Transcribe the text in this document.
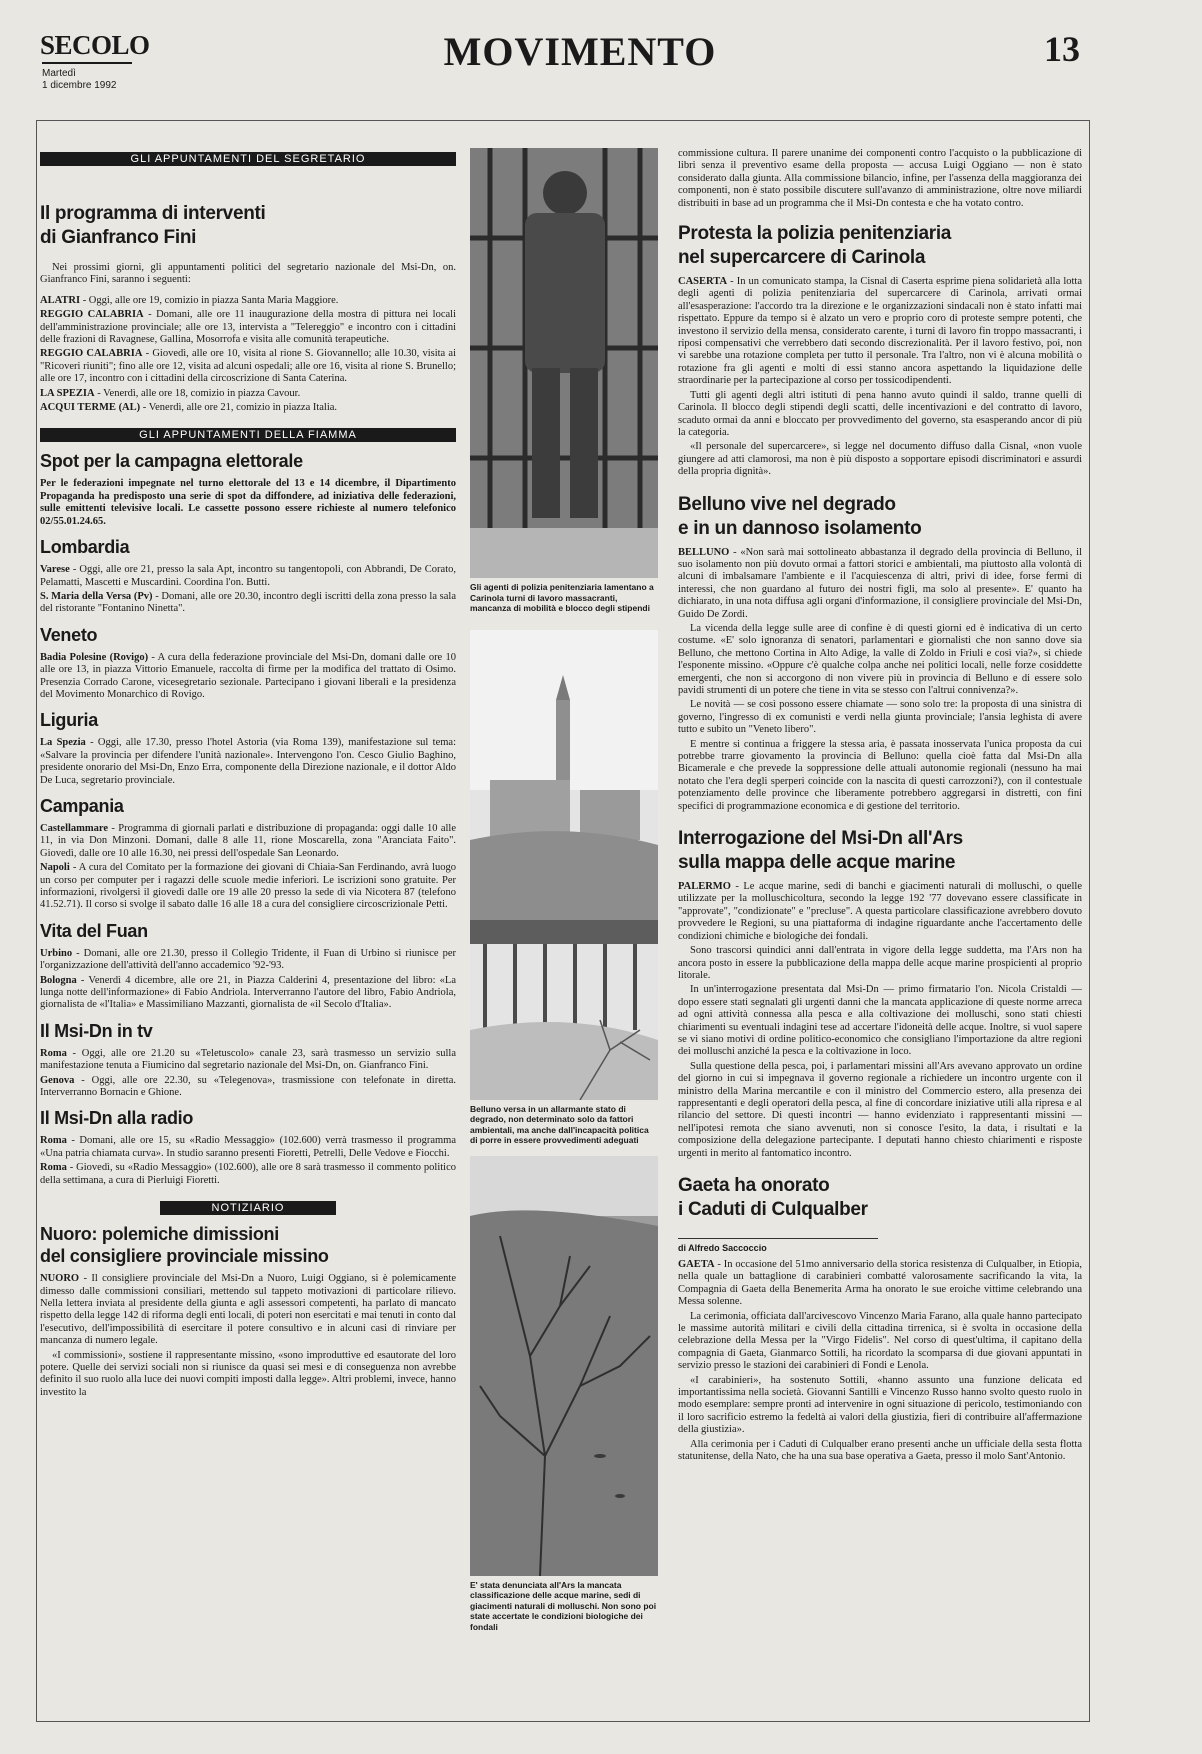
SECOLO
Martedì
1 dicembre 1992
MOVIMENTO	13
GLI APPUNTAMENTI DEL SEGRETARIO
Il programma di interventi
di Gianfranco Fini

Nei prossimi giorni, gli appuntamenti politici del segretario nazionale del Msi-Dn, on. Gianfranco Fini, saranno i seguenti:

ALATRI - Oggi, alle ore 19, comizio in piazza Santa Maria Maggiore.

REGGIO CALABRIA - Domani, alle ore 11 inaugurazione della mostra di pittura nei locali dell'amministrazione provinciale; alle ore 13, intervista a "Telereggio" e incontro con i cittadini delle frazioni di Ravagnese, Gallina, Mosorrofa e visita alle comunità terapeutiche.

REGGIO CALABRIA - Giovedì, alle ore 10, visita al rione S. Giovannello; alle 10.30, visita ai "Ricoveri riuniti"; fino alle ore 12, visita ad alcuni ospedali; alle ore 16, visita al rione S. Brunello; alle ore 17, incontro con i cittadini della circoscrizione di Santa Caterina.

LA SPEZIA - Venerdì, alle ore 18, comizio in piazza Cavour.

ACQUI TERME (AL) - Venerdì, alle ore 21, comizio in piazza Italia.

GLI APPUNTAMENTI DELLA FIAMMA
Spot per la campagna elettorale

Per le federazioni impegnate nel turno elettorale del 13 e 14 dicembre, il Dipartimento Propaganda ha predisposto una serie di spot da diffondere, ad iniziativa delle federazioni, sulle emittenti televisive locali. Le cassette possono essere richieste al numero telefonico 02/55.01.24.65.

Lombardia

Varese - Oggi, alle ore 21, presso la sala Apt, incontro su tangentopoli, con Abbrandi, De Corato, Pelamatti, Mascetti e Muscardini. Coordina l'on. Butti.

S. Maria della Versa (Pv) - Domani, alle ore 20.30, incontro degli iscritti della zona presso la sala del ristorante "Fontanino Ninetta".

Veneto

Badia Polesine (Rovigo) - A cura della federazione provinciale del Msi-Dn, domani dalle ore 10 alle ore 13, in piazza Vittorio Emanuele, raccolta di firme per la modifica del trattato di Osimo. Presenzia Corrado Carone, vicesegretario sezionale. Partecipano i giovani liberali e la presidenza del Movimento Monarchico di Rovigo.

Liguria

La Spezia - Oggi, alle 17.30, presso l'hotel Astoria (via Roma 139), manifestazione sul tema: «Salvare la provincia per difendere l'unità nazionale». Intervengono l'on. Cesco Giulio Baghino, presidente onorario del Msi-Dn, Enzo Erra, componente della Direzione nazionale, e il dottor Aldo De Luca, segretario provinciale.

Campania

Castellammare - Programma di giornali parlati e distribuzione di propaganda: oggi dalle 10 alle 11, in via Don Minzoni. Domani, dalle 8 alle 11, rione Moscarella, zona "Aranciata Faito". Giovedì, dalle ore 10 alle 16.30, nei pressi dell'ospedale San Leonardo.

Napoli - A cura del Comitato per la formazione dei giovani di Chiaia-San Ferdinando, avrà luogo un corso per computer per i ragazzi delle scuole medie inferiori. Le iscrizioni sono gratuite. Per informazioni, rivolgersi il giovedì dalle ore 19 alle 20 presso la sede di via Nicotera 87 (telefono 41.52.71). Il corso si svolge il sabato dalle 16 alle 18 a cura del consigliere circoscrizionale Petti.

Vita del Fuan

Urbino - Domani, alle ore 21.30, presso il Collegio Tridente, il Fuan di Urbino si riunisce per l'organizzazione dell'attività dell'anno accademico '92-'93.

Bologna - Venerdì 4 dicembre, alle ore 21, in Piazza Calderini 4, presentazione del libro: «La lunga notte dell'informazione» di Fabio Andriola. Interverranno l'autore del libro, Fabio Andriola, giornalista de «l'Italia» e Massimiliano Mazzanti, giornalista de «il Secolo d'Italia».

Il Msi-Dn in tv

Roma - Oggi, alle ore 21.20 su «Teletuscolo» canale 23, sarà trasmesso un servizio sulla manifestazione tenuta a Fiumicino dal segretario nazionale del Msi-Dn, on. Gianfranco Fini.

Genova - Oggi, alle ore 22.30, su «Telegenova», trasmissione con telefonate in diretta. Interverranno Bornacin e Ghione.

Il Msi-Dn alla radio

Roma - Domani, alle ore 15, su «Radio Messaggio» (102.600) verrà trasmesso il programma «Una patria chiamata curva». In studio saranno presenti Fioretti, Petrelli, Delle Vedove e Fiocchi.

Roma - Giovedì, su «Radio Messaggio» (102.600), alle ore 8 sarà trasmesso il commento politico della settimana, a cura di Pierluigi Fioretti.

NOTIZIARIO
Nuoro: polemiche dimissioni
del consigliere provinciale missino

NUORO - Il consigliere provinciale del Msi-Dn a Nuoro, Luigi Oggiano, si è polemicamente dimesso dalle commissioni consiliari, mettendo sul tappeto motivazioni di particolare rilievo. Nella lettera inviata al presidente della giunta e agli assessori competenti, ha parlato di mancato rispetto della legge 142 di riforma degli enti locali, di poteri non esercitati e mai tenuti in conto dal l'esecutivo, dell'impossibilità di esercitare il potere consultivo e in alcuni casi di rinviare per mancanza di numero legale.

«I commissioni», sostiene il rappresentante missino, «sono improduttive ed esautorate del loro potere. Quelle dei servizi sociali non si riunisce da quasi sei mesi e di conseguenza non avrebbe definito il suo ruolo alla luce dei nuovi compiti imposti dalla legge». Altri problemi, invece, hanno investito la

Gli agenti di polizia penitenziaria lamentano a Carinola turni di lavoro massacranti, mancanza di mobilità e blocco degli stipendi
Belluno versa in un allarmante stato di degrado, non determinato solo da fattori ambientali, ma anche dall'incapacità politica di porre in essere provvedimenti adeguati
E' stata denunciata all'Ars la mancata classificazione delle acque marine, sedi di giacimenti naturali di molluschi. Non sono poi state accertate le condizioni biologiche dei fondali

commissione cultura. Il parere unanime dei componenti contro l'acquisto o la pubblicazione di libri senza il preventivo esame della proposta — accusa Luigi Oggiano — non è stato considerato dalla giunta. Alla commissione bilancio, infine, per l'assenza della maggioranza dei componenti, non è stato possibile discutere sull'avanzo di amministrazione, oltre nove miliardi distribuiti in base ad un programma che il Msi-Dn contesta e che ha votato contro.

Protesta la polizia penitenziaria
nel supercarcere di Carinola

CASERTA - In un comunicato stampa, la Cisnal di Caserta esprime piena solidarietà alla lotta degli agenti di polizia penitenziaria del supercarcere di Carinola, arrivati ormai all'esasperazione: l'accordo tra la direzione e le organizzazioni sindacali non è stato infatti mai rispettato. Eppure da tempo si è alzato un vero e proprio coro di proteste sempre potenti, che investono il servizio della mensa, considerato carente, i turni di lavoro fin troppo massacranti, i riposi compensativi che verrebbero dati secondo discrezionalità. Per il lavoro festivo, poi, non vi sarebbe una rotazione completa per tutto il personale. Tra l'altro, non vi è alcuna mobilità o rotazione fra gli agenti e molti di essi stanno ancora aspettando la liquidazione delle straordinarie per la partecipazione al corso per tossicodipendenti.

Tutti gli agenti degli altri istituti di pena hanno avuto quindi il saldo, tranne quelli di Carinola. Il blocco degli stipendi degli scatti, delle incentivazioni e del contratto di lavoro, scaduto ormai da anni e bloccato per provvedimento del governo, sta esasperando ancor di più la categoria.

«Il personale del supercarcere», si legge nel documento diffuso dalla Cisnal, «non vuole giungere ad atti clamorosi, ma non è più disposto a sopportare episodi discriminatori e assurdi della propria dignità».

Belluno vive nel degrado
e in un dannoso isolamento

BELLUNO - «Non sarà mai sottolineato abbastanza il degrado della provincia di Belluno, il suo isolamento non più dovuto ormai a fattori storici e ambientali, ma piuttosto alla volontà di alcuni di imbalsamare l'ambiente e il l'acquiescenza di altri, privi di idee, forse fermi di interessi, che non guardano al futuro dei nostri figli, ma solo al presente». E' quanto ha dichiarato, in una nota diffusa agli organi d'informazione, il consigliere provinciale del Msi-Dn, Guido De Zordi.

La vicenda della legge sulle aree di confine è di questi giorni ed è indicativa di un certo costume. «E' solo ignoranza di senatori, parlamentari e giornalisti che non sanno dove sia Belluno, che mettono Cortina in Alto Adige, la valle di Zoldo in Friuli e così via?», si chiede l'esponente missino. «Oppure c'è qualche colpa anche nei politici locali, nelle forze cosiddette emergenti, che non si accorgono di non vivere più in provincia di Belluno e di essere solo pavidi strumenti di un potere che tiene in vita se stesso con l'altrui connivenza?».

Le novità — se così possono essere chiamate — sono solo tre: la proposta di una sinistra di governo, l'ingresso di ex comunisti e verdi nella giunta provinciale; l'ansia leghista di avere tutto e subito un "Veneto libero".

E mentre si continua a friggere la stessa aria, è passata inosservata l'unica proposta da cui potrebbe trarre giovamento la provincia di Belluno: quella cioè fatta dal Msi-Dn alla Bicamerale e che prevede la soppressione delle attuali autonomie regionali (nessuno ha mai notato che l'era degli sperperi coincide con la nascita di questi carrozzoni?), con il contestuale potenziamento delle province che liberamente potrebbero aggregarsi in distretti, con fini specifici di programmazione economica e di gestione del territorio.

Interrogazione del Msi-Dn all'Ars
sulla mappa delle acque marine

PALERMO - Le acque marine, sedi di banchi e giacimenti naturali di molluschi, o quelle utilizzate per la molluschicoltura, secondo la legge 192 '77 dovevano essere classificate in "approvate", "condizionate" e "precluse". A questa particolare classificazione avrebbero dovuto provvedere le Regioni, su una piattaforma di indagine riguardante anche l'accertamento delle condizioni chimiche e biologiche dei fondali.

Sono trascorsi quindici anni dall'entrata in vigore della legge suddetta, ma l'Ars non ha ancora posto in essere la pubblicazione della mappa delle acque marine prospicienti al proprio litorale.

In un'interrogazione presentata dal Msi-Dn — primo firmatario l'on. Nicola Cristaldi — dopo essere stati segnalati gli urgenti danni che la mancata applicazione di queste norme arreca ad ogni attività connessa alla pesca e alla coltivazione dei molluschi, sono stati chiesti chiarimenti su eventuali indagini tese ad accertare l'idoneità delle acque. Inoltre, si vuol sapere se vi siano motivi di ordine politico-economico che consigliano l'importazione da altre regioni dei molluschi anziché la pesca e la coltivazione in loco.

Sulla questione della pesca, poi, i parlamentari missini all'Ars avevano approvato un ordine del giorno in cui si impegnava il governo regionale a richiedere un incontro urgente con il ministro della Marina mercantile e con il ministro del Commercio estero, alla presenza dei rappresentanti e degli operatori della pesca, al fine di concordare iniziative utili alla ripresa e al rilancio del settore. Di questi incontri — hanno evidenziato i rappresentanti missini — nell'ipotesi remota che siano avvenuti, non si conosce l'esito, la data, i risultati e la composizione della delegazione partecipante. I deputati hanno chiesto chiarimenti e risposte urgenti in merito al fantomatico incontro.

Gaeta ha onorato
i Caduti di Culqualber
di Alfredo Saccoccio

GAETA - In occasione del 51mo anniversario della storica resistenza di Culqualber, in Etiopia, nella quale un battaglione di carabinieri combatté valorosamente sacrificando la vita, la Compagnia di Gaeta della Benemerita Arma ha onorato le sue eroiche vittime celebrando una Messa solenne.

La cerimonia, officiata dall'arcivescovo Vincenzo Maria Farano, alla quale hanno partecipato le massime autorità militari e civili della cittadina tirrenica, si è svolta in occasione della celebrazione della Messa per la "Virgo Fidelis". Nel corso di quest'ultima, il capitano della compagnia di Gaeta, Gianmarco Sottili, ha ricordato la scomparsa di due giovani appuntati in servizio presso le stazioni dei carabinieri di Fondi e Lenola.

«I carabinieri», ha sostenuto Sottili, «hanno assunto una funzione delicata ed importantissima nella società. Giovanni Santilli e Vincenzo Russo hanno svolto questo ruolo in modo esemplare: sempre pronti ad intervenire in ogni situazione di pericolo, testimoniando con il loro sacrificio estremo la fedeltà ai valori della giustizia, fieri di contribuire all'affermazione della giustizia».

Alla cerimonia per i Caduti di Culqualber erano presenti anche un ufficiale della sesta flotta statunitense, della Nato, che ha una sua base operativa a Gaeta, presso il molo Sant'Antonio.
